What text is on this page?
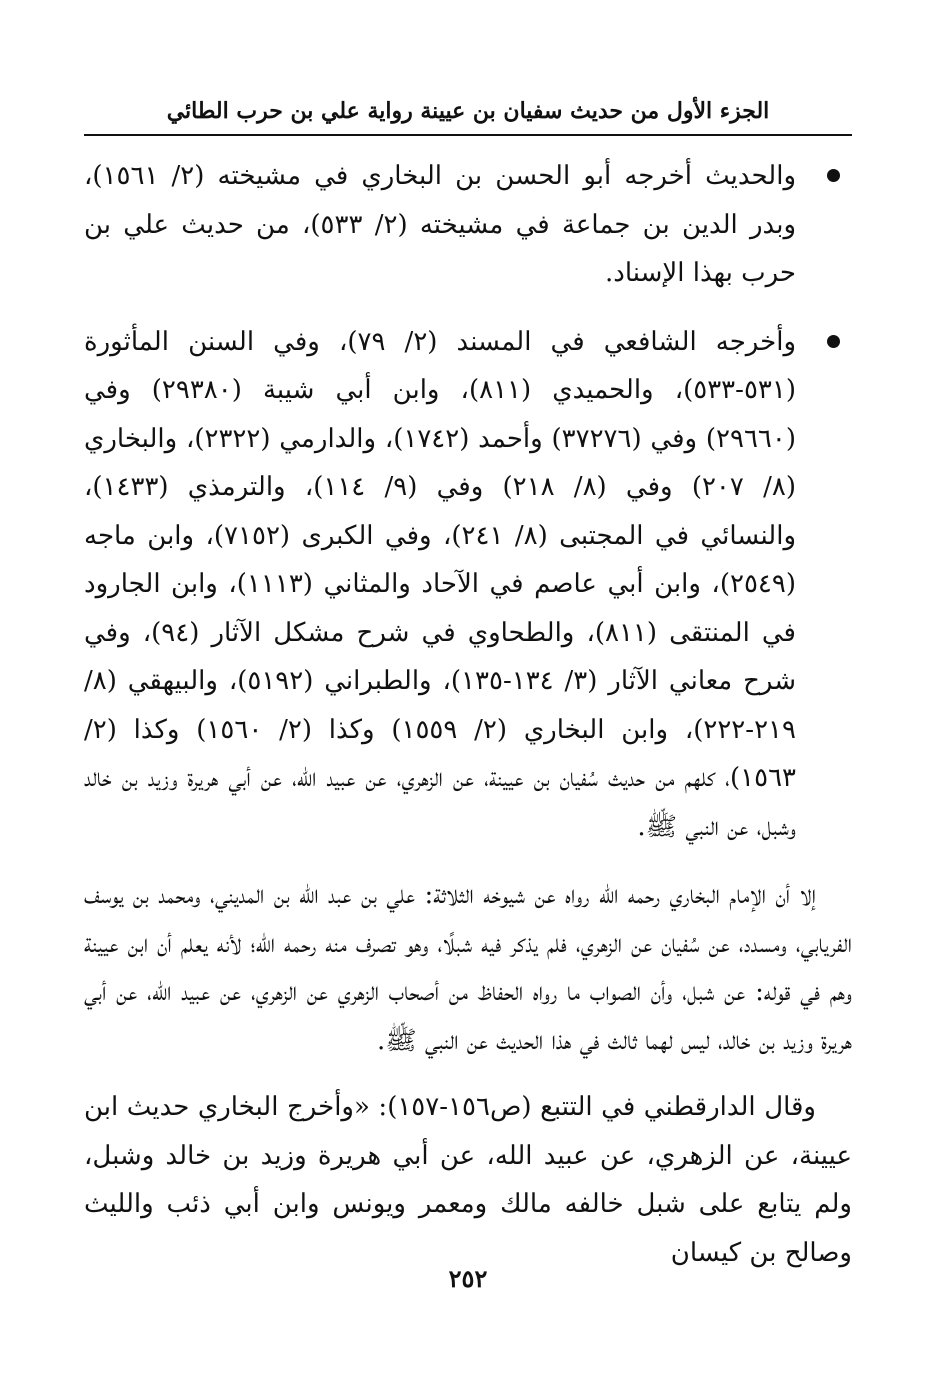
الجزء الأول من حديث سفيان بن عيينة رواية علي بن حرب الطائي
والحديث أخرجه أبو الحسن بن البخاري في مشيخته (٢/ ١٥٦١)، وبدر الدين بن جماعة في مشيخته (٢/ ٥٣٣)، من حديث علي بن حرب بهذا الإسناد.
وأخرجه الشافعي في المسند (٢/ ٧٩)، وفي السنن المأثورة (٥٣١-٥٣٣)، والحميدي (٨١١)، وابن أبي شيبة (٢٩٣٨٠) وفي (٢٩٦٦٠) وفي (٣٧٢٧٦) وأحمد (١٧٤٢)، والدارمي (٢٣٢٢)، والبخاري (٨/ ٢٠٧) وفي (٨/ ٢١٨) وفي (٩/ ١١٤)، والترمذي (١٤٣٣)، والنسائي في المجتبى (٨/ ٢٤١)، وفي الكبرى (٧١٥٢)، وابن ماجه (٢٥٤٩)، وابن أبي عاصم في الآحاد والمثاني (١١١٣)، وابن الجارود في المنتقى (٨١١)، والطحاوي في شرح مشكل الآثار (٩٤)، وفي شرح معاني الآثار (٣/ ١٣٤-١٣٥)، والطبراني (٥١٩٢)، والبيهقي (٨/ ٢١٩-٢٢٢)، وابن البخاري (٢/ ١٥٥٩) وكذا (٢/ ١٥٦٠) وكذا (٢/ ١٥٦٣)، كلهم من حديث سُفيان بن عيينة، عن الزهري، عن عبيد الله، عن أبي هريرة وزيد بن خالد وشبل، عن النبي ﷺ.

إلا أن الإمام البخاري رحمه الله رواه عن شيوخه الثلاثة: علي بن عبد الله بن المديني، ومحمد بن يوسف الفريابي، ومسدد، عن سُفيان عن الزهري، فلم يذكر فيه شبلًا، وهو تصرف منه رحمه الله؛ لأنه يعلم أن ابن عيينة وهم في قوله: عن شبل، وأن الصواب ما رواه الحفاظ من أصحاب الزهري عن الزهري، عن عبيد الله، عن أبي هريرة وزيد بن خالد، ليس لهما ثالث في هذا الحديث عن النبي ﷺ.

وقال الدارقطني في التتبع (ص١٥٦-١٥٧): «وأخرج البخاري حديث ابن عيينة، عن الزهري، عن عبيد الله، عن أبي هريرة وزيد بن خالد وشبل، ولم يتابع على شبل خالفه مالك ومعمر ويونس وابن أبي ذئب والليث وصالح بن كيسان

٢٥٢
